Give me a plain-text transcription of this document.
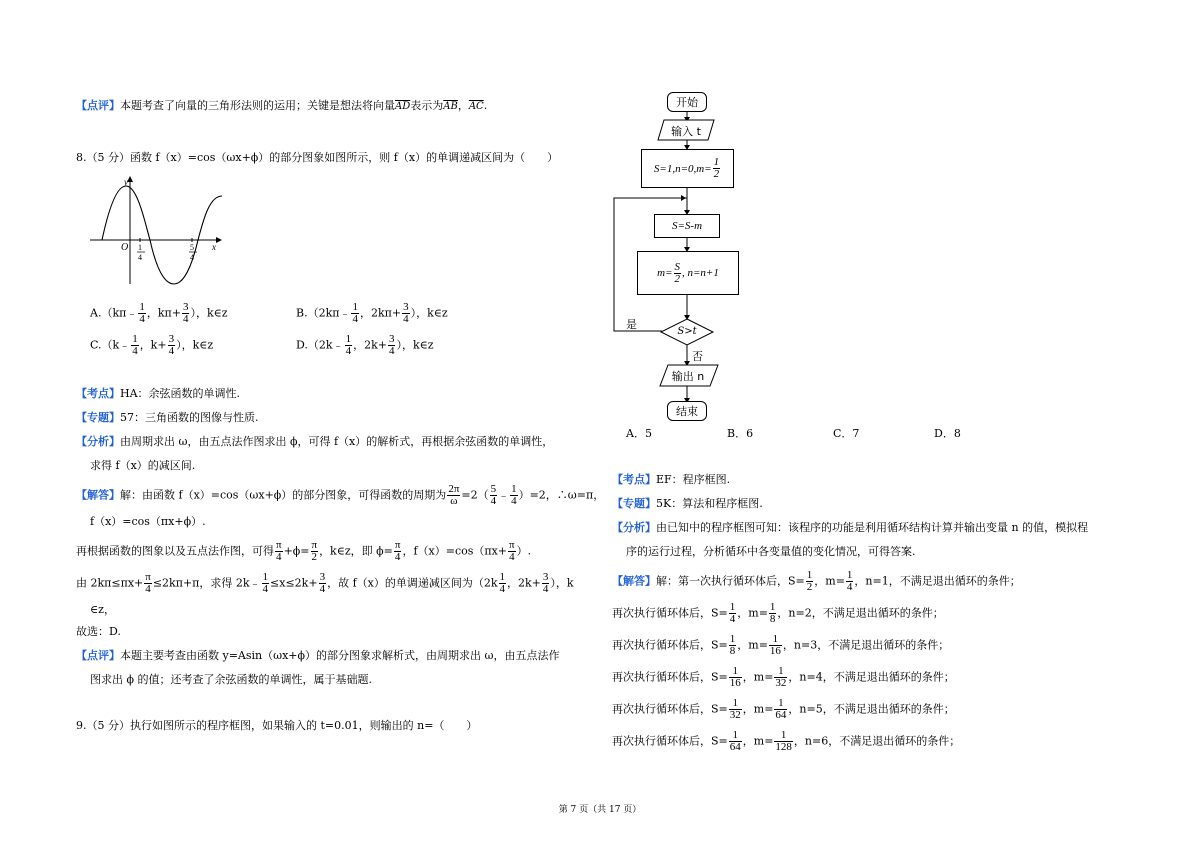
【点评】本题考查了向量的三角形法则的运用；关键是想法将向量$\overline{AD}$表示为$\overline{AB}$，$\overline{AC}$.
8.（5 分）函数 f（x）=cos（ωx+ϕ）的部分图象如图所示，则 f（x）的单调递减区间为（　　）
y
x
O 1
4
5
4
A.（kπ﹣ $\frac{1}{4}$ ，$k\pi+ \frac{3}{4}$ ），k∈z	B.（2kπ﹣ $\frac{1}{4}$ ，$2k\pi+ \frac{3}{4}$ ），k∈z
C.（k﹣ $\frac{1}{4}$ ，$k+ \frac{3}{4}$ ），k∈z	D.（2k﹣ $\frac{1}{4}$ ，$2k+ \frac{3}{4}$ ），k∈z
【考点】HA：余弦函数的单调性.
【专题】57：三角函数的图像与性质.
【分析】由周期求出 ω，由五点法作图求出 ϕ，可得 f（x）的解析式，再根据余弦函数的单调性，
求得 f（x）的减区间.
【解答】解：由函数 f（x）=cos（ωx+ϕ）的部分图象，可得函数的周期为 $\frac{2\pi}{\omega} =2( \frac{5}{4}$ ﹣ $\frac{1}{4} )=2$，∴ω=π，
f（x）=cos（πx+ϕ）.
再根据函数的图象以及五点法作图，可得 $\frac{\pi}{4} +\phi= \frac{\pi}{2}$ ，k∈z，即 $\phi= \frac{\pi}{4}$ ，$f(x)=\cos(\pi x+ \frac{\pi}{4}$ ）.
由 $2k\pi\le\pi x+ \frac{\pi}{4} \le 2k\pi+\pi$，求得 2k﹣ $\frac{1}{4} \le x\le 2k+ \frac{3}{4}$ ，故 f（x）的单调递减区间为（$2k \frac{1}{4}$ ，$2k+ \frac{3}{4}$ ），k
∈z，
故选：D.
【点评】本题主要考查由函数 y=Asin（ωx+ϕ）的部分图象求解析式，由周期求出 ω，由五点法作
图求出 ϕ 的值；还考查了余弦函数的单调性，属于基础题.
9.（5 分）执行如图所示的程序框图，如果输入的 t=0.01，则输出的 n=（　　）
开始
输入 t
$S=1,n=0,m= \frac{1}{2}$
S=S-m
$m= \frac{S}{2}$ , n=n+1
S>t
是
否
输出 n
结束
A．5	B．6	C．7	D．8
【考点】EF：程序框图.
【专题】5K：算法和程序框图.
【分析】由已知中的程序框图可知：该程序的功能是利用循环结构计算并输出变量 n 的值，模拟程
序的运行过程，分析循环中各变量值的变化情况，可得答案.
【解答】解：第一次执行循环体后，$S= \frac{1}{2}$ ，$m= \frac{1}{4}$ ，n=1，不满足退出循环的条件；
再次执行循环体后，$S= \frac{1}{4}$ ，$m= \frac{1}{8}$ ，n=2，不满足退出循环的条件；
再次执行循环体后，$S= \frac{1}{8}$ ，$m= \frac{1}{16}$ ，n=3，不满足退出循环的条件；
再次执行循环体后，$S= \frac{1}{16}$ ，$m= \frac{1}{32}$ ，n=4，不满足退出循环的条件；
再次执行循环体后，$S= \frac{1}{32}$ ，$m= \frac{1}{64}$ ，n=5，不满足退出循环的条件；
再次执行循环体后，$S= \frac{1}{64}$ ，$m= \frac{1}{128}$ ，n=6，不满足退出循环的条件；
第 7 页（共 17 页）
